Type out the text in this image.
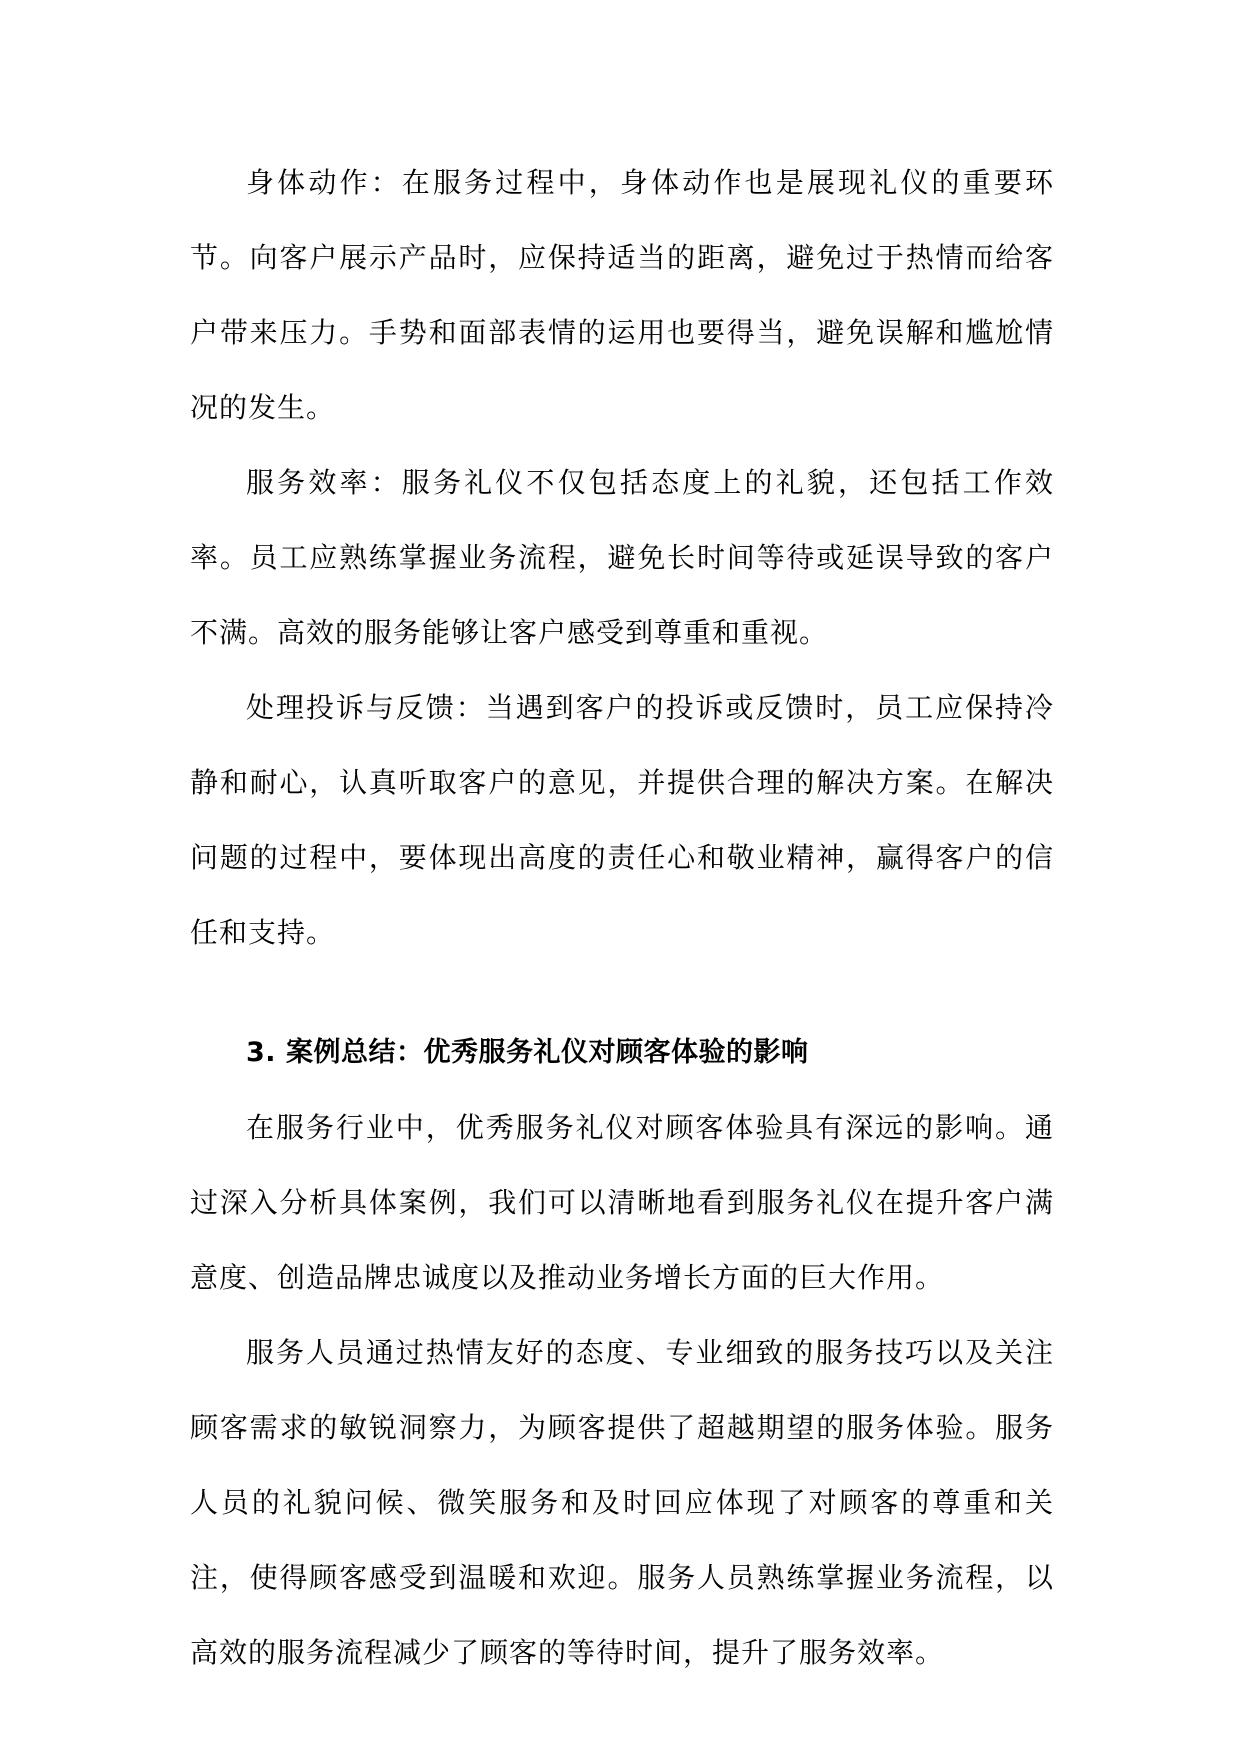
身体动作：在服务过程中，身体动作也是展现礼仪的重要环节。向客户展示产品时，应保持适当的距离，避免过于热情而给客户带来压力。手势和面部表情的运用也要得当，避免误解和尴尬情况的发生。

服务效率：服务礼仪不仅包括态度上的礼貌，还包括工作效率。员工应熟练掌握业务流程，避免长时间等待或延误导致的客户不满。高效的服务能够让客户感受到尊重和重视。

处理投诉与反馈：当遇到客户的投诉或反馈时，员工应保持冷静和耐心，认真听取客户的意见，并提供合理的解决方案。在解决问题的过程中，要体现出高度的责任心和敬业精神，赢得客户的信任和支持。

3. 案例总结：优秀服务礼仪对顾客体验的影响

在服务行业中，优秀服务礼仪对顾客体验具有深远的影响。通过深入分析具体案例，我们可以清晰地看到服务礼仪在提升客户满意度、创造品牌忠诚度以及推动业务增长方面的巨大作用。

服务人员通过热情友好的态度、专业细致的服务技巧以及关注顾客需求的敏锐洞察力，为顾客提供了超越期望的服务体验。服务人员的礼貌问候、微笑服务和及时回应体现了对顾客的尊重和关注，使得顾客感受到温暖和欢迎。服务人员熟练掌握业务流程，以高效的服务流程减少了顾客的等待时间，提升了服务效率。
